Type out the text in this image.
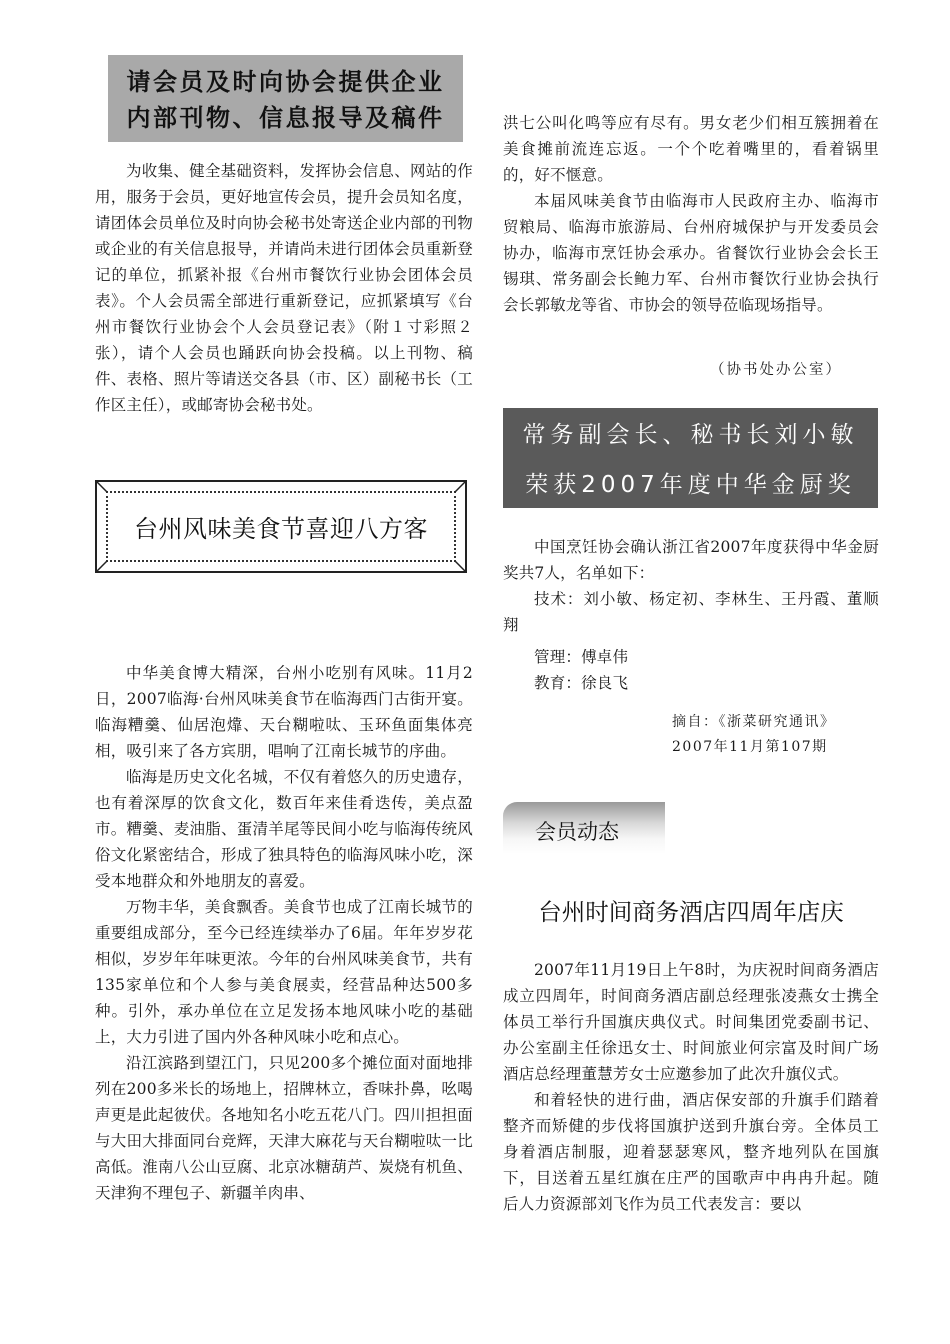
请会员及时向协会提供企业
内部刊物、信息报导及稿件

为收集、健全基础资料，发挥协会信息、网站的作用，服务于会员，更好地宣传会员，提升会员知名度，请团体会员单位及时向协会秘书处寄送企业内部的刊物或企业的有关信息报导，并请尚未进行团体会员重新登记的单位，抓紧补报《台州市餐饮行业协会团体会员表》。个人会员需全部进行重新登记，应抓紧填写《台州市餐饮行业协会个人会员登记表》（附１寸彩照２张），请个人会员也踊跃向协会投稿。以上刊物、稿件、表格、照片等请送交各县（市、区）副秘书长（工作区主任），或邮寄协会秘书处。

台州风味美食节喜迎八方客

中华美食博大精深，台州小吃别有风味。11月2日，2007临海·台州风味美食节在临海西门古街开宴。临海糟羹、仙居泡㸆、天台糊啦呔、玉环鱼面集体亮相，吸引来了各方宾朋，唱响了江南长城节的序曲。

临海是历史文化名城，不仅有着悠久的历史遗存，也有着深厚的饮食文化，数百年来佳肴迭传，美点盈市。糟羹、麦油脂、蛋清羊尾等民间小吃与临海传统风俗文化紧密结合，形成了独具特色的临海风味小吃，深受本地群众和外地朋友的喜爱。

万物丰华，美食飘香。美食节也成了江南长城节的重要组成部分，至今已经连续举办了6届。年年岁岁花相似，岁岁年年味更浓。今年的台州风味美食节，共有135家单位和个人参与美食展卖，经营品种达500多种。引外，承办单位在立足发扬本地风味小吃的基础上，大力引进了国内外各种风味小吃和点心。

沿江滨路到望江门，只见200多个摊位面对面地排列在200多米长的场地上，招牌林立，香味扑鼻，吆喝声更是此起彼伏。各地知名小吃五花八门。四川担担面与大田大排面同台竞辉，天津大麻花与天台糊啦呔一比高低。淮南八公山豆腐、北京冰糖葫芦、炭烧有机鱼、天津狗不理包子、新疆羊肉串、

洪七公叫化鸣等应有尽有。男女老少们相互簇拥着在美食摊前流连忘返。一个个吃着嘴里的，看着锅里的，好不惬意。

本届风味美食节由临海市人民政府主办、临海市贸粮局、临海市旅游局、台州府城保护与开发委员会协办，临海市烹饪协会承办。省餐饮行业协会会长王锡琪、常务副会长鲍力军、台州市餐饮行业协会执行会长郭敏龙等省、市协会的领导莅临现场指导。

（协书处办公室）
常务副会长、秘书长刘小敏
荣获2007年度中华金厨奖

中国烹饪协会确认浙江省2007年度获得中华金厨奖共7人，名单如下：

技术：刘小敏、杨定初、李林生、王丹霞、董顺翔

管理：傅卓伟

教育：徐良飞

摘自：《浙菜研究通讯》
2007年11月第107期
会员动态
台州时间商务酒店四周年店庆

2007年11月19日上午8时，为庆祝时间商务酒店成立四周年，时间商务酒店副总经理张凌燕女士携全体员工举行升国旗庆典仪式。时间集团党委副书记、办公室副主任徐迅女士、时间旅业何宗富及时间广场酒店总经理董慧芳女士应邀参加了此次升旗仪式。

和着轻快的进行曲，酒店保安部的升旗手们踏着整齐而矫健的步伐将国旗护送到升旗台旁。全体员工身着酒店制服，迎着瑟瑟寒风，整齐地列队在国旗下，目送着五星红旗在庄严的国歌声中冉冉升起。随后人力资源部刘飞作为员工代表发言：要以
